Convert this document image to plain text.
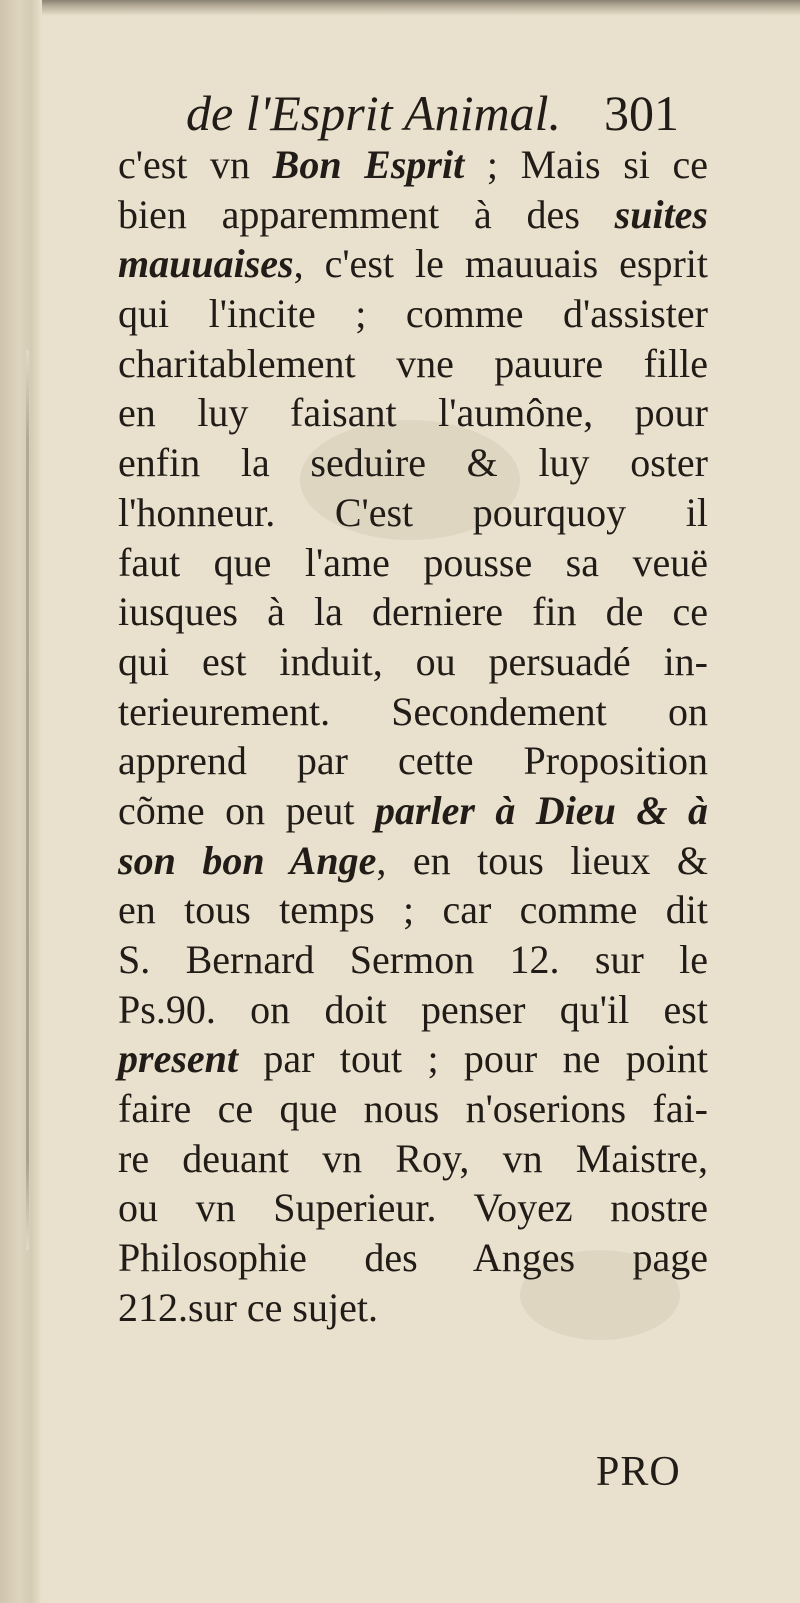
de l'Esprit Animal. 301
c'est vn Bon Esprit ; Mais si ce
bien apparemment à des suites
mauuaises, c'est le mauuais esprit
qui l'incite ; comme d'assister
charitablement vne pauure fille
en luy faisant l'aumône, pour
enfin la seduire & luy oster
l'honneur. C'est pourquoy il
faut que l'ame pousse sa veuë
iusques à la derniere fin de ce
qui est induit, ou persuadé in-
terieurement. Secondement on
apprend par cette Proposition
cõme on peut parler à Dieu & à
son bon Ange, en tous lieux &
en tous temps ; car comme dit
S. Bernard Sermon 12. sur le
Ps.90. on doit penser qu'il est
present par tout ; pour ne point
faire ce que nous n'oserions fai-
re deuant vn Roy, vn Maistre,
ou vn Superieur. Voyez nostre
Philosophie des Anges page
212.sur ce sujet.
PRO
